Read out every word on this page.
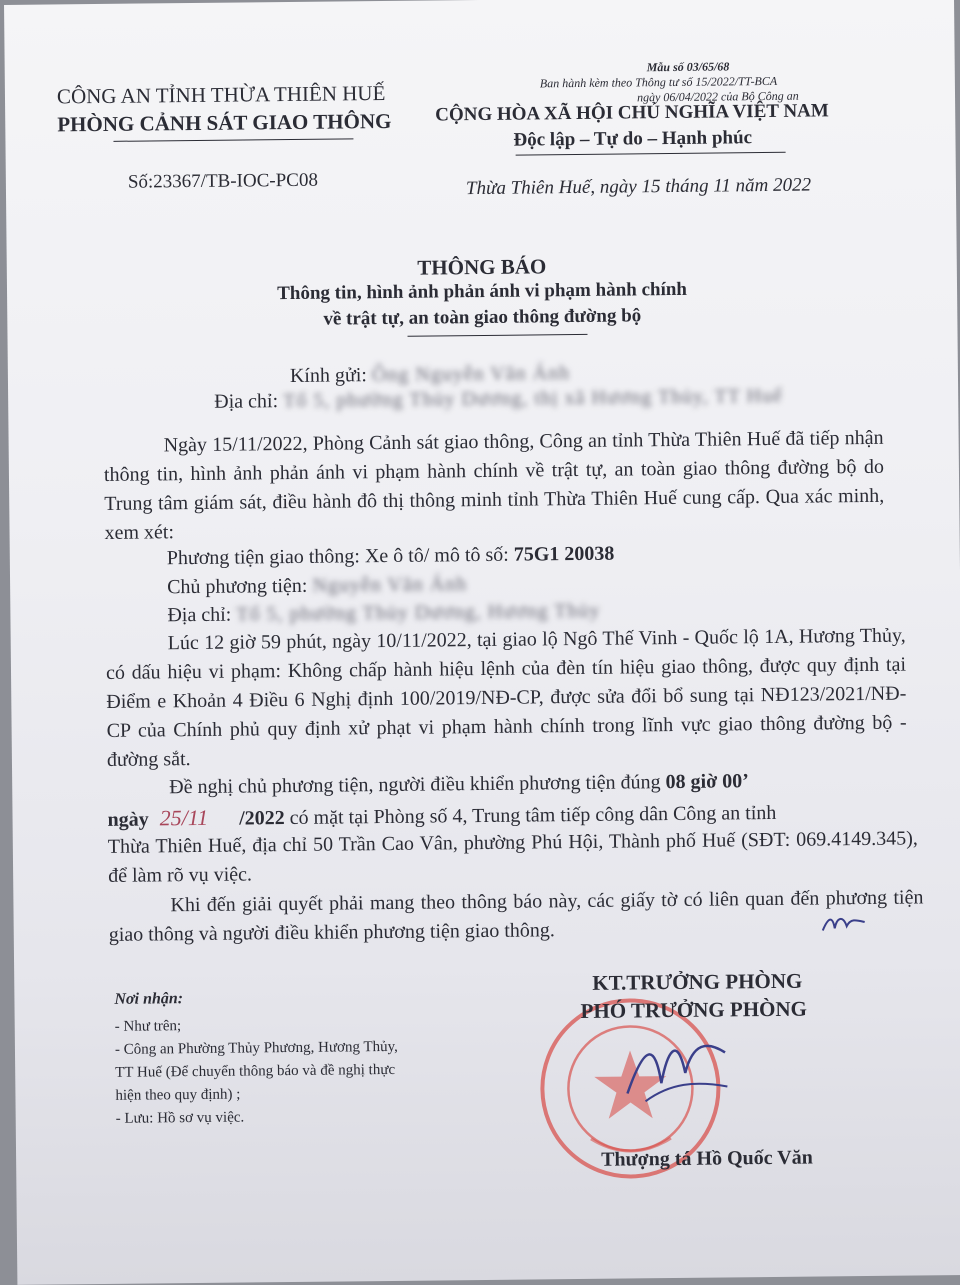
CÔNG AN TỈNH THỪA THIÊN HUẾ
PHÒNG CẢNH SÁT GIAO THÔNG
Số:23367/TB-IOC-PC08
Mẫu số 03/65/68
Ban hành kèm theo Thông tư số 15/2022/TT-BCA
ngày 06/04/2022 của Bộ Công an
CỘNG HÒA XÃ HỘI CHỦ NGHĨA VIỆT NAM
Độc lập – Tự do – Hạnh phúc
Thừa Thiên Huế, ngày 15 tháng 11 năm 2022
THÔNG BÁO
Thông tin, hình ảnh phản ánh vi phạm hành chính
về trật tự, an toàn giao thông đường bộ
Kính gửi: Ông Nguyễn Văn Ánh
Địa chỉ: Tổ 5, phường Thủy Dương, thị xã Hương Thủy, TT Huế
Ngày 15/11/2022, Phòng Cảnh sát giao thông, Công an tỉnh Thừa Thiên Huế đã tiếp nhận thông tin, hình ảnh phản ánh vi phạm hành chính về trật tự, an toàn giao thông đường bộ do Trung tâm giám sát, điều hành đô thị thông minh tỉnh Thừa Thiên Huế cung cấp. Qua xác minh, xem xét:
Phương tiện giao thông: Xe ô tô/ mô tô số: 75G1 20038
Chủ phương tiện: Nguyễn Văn Ánh
Địa chỉ: Tổ 5, phường Thủy Dương, Hương Thủy
Lúc 12 giờ 59 phút, ngày 10/11/2022, tại giao lộ Ngô Thế Vinh - Quốc lộ 1A, Hương Thủy, có dấu hiệu vi phạm: Không chấp hành hiệu lệnh của đèn tín hiệu giao thông, được quy định tại Điểm e Khoản 4 Điều 6 Nghị định 100/2019/NĐ-CP, được sửa đổi bổ sung tại NĐ123/2021/NĐ-CP của Chính phủ quy định xử phạt vi phạm hành chính trong lĩnh vực giao thông đường bộ - đường sắt.
Đề nghị chủ phương tiện, người điều khiển phương tiện đúng 08 giờ 00’
ngày 25/11 /2022 có mặt tại Phòng số 4, Trung tâm tiếp công dân Công an tỉnh
Thừa Thiên Huế, địa chỉ 50 Trần Cao Vân, phường Phú Hội, Thành phố Huế (SĐT: 069.4149.345), để làm rõ vụ việc.
Khi đến giải quyết phải mang theo thông báo này, các giấy tờ có liên quan đến phương tiện giao thông và người điều khiển phương tiện giao thông.
Nơi nhận:
- Như trên;
- Công an Phường Thủy Phương, Hương Thủy,
TT Huế (Để chuyển thông báo và đề nghị thực
hiện theo quy định) ;
- Lưu: Hồ sơ vụ việc.
KT.TRƯỞNG PHÒNG
PHÓ TRƯỞNG PHÒNG
Thượng tá Hồ Quốc Văn
